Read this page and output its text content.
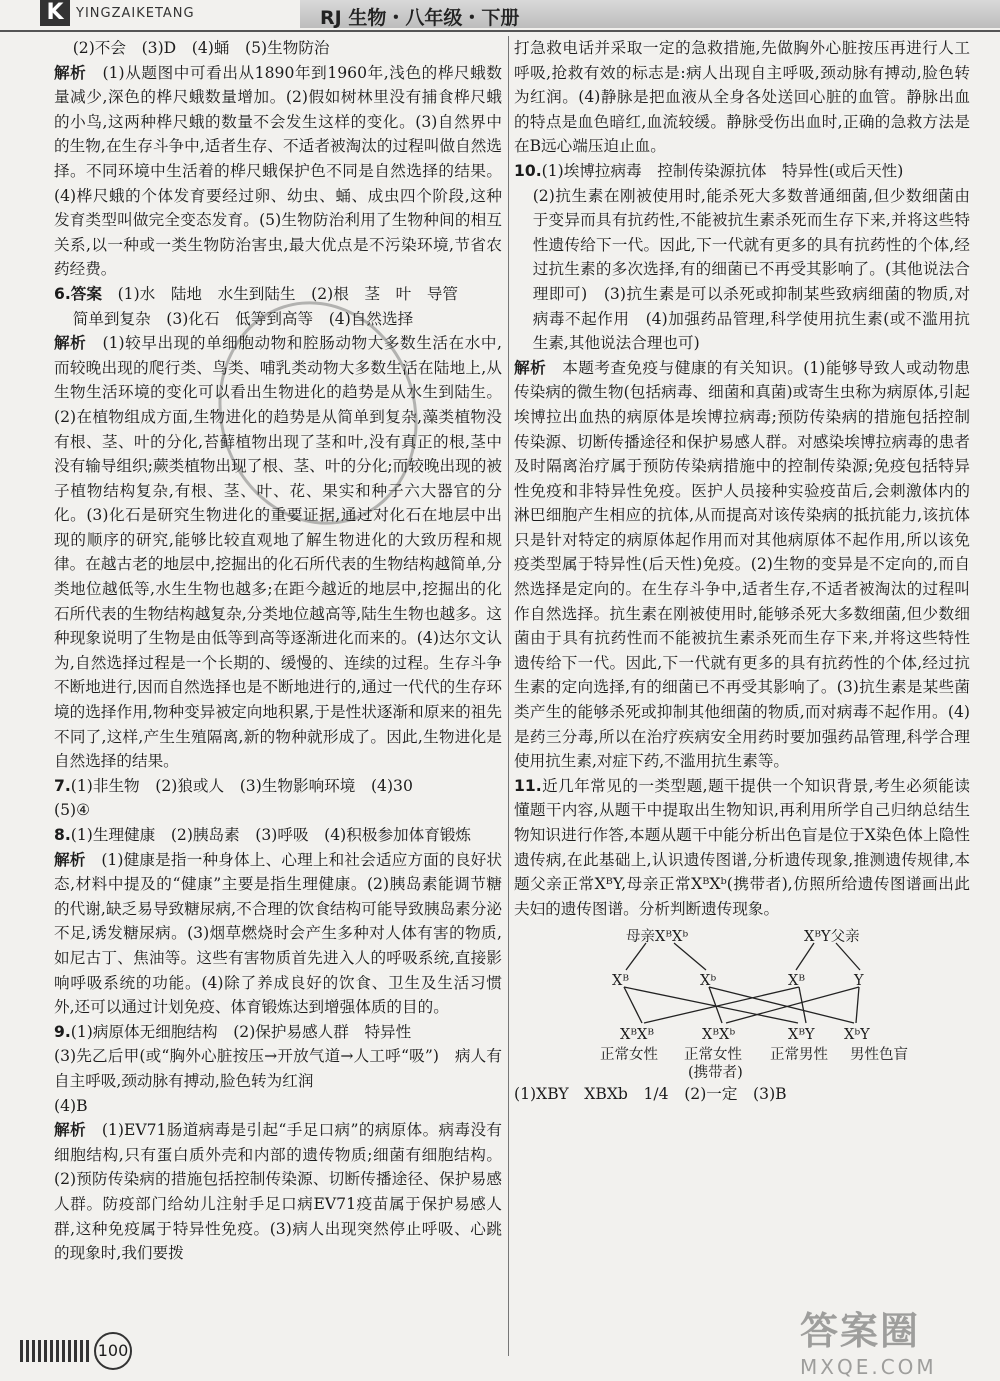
K YINGZAIKETANG	RJ 生物・八年级・下册

(2)不会　(3)D　(4)蛹　(5)生物防治

解析　(1)从题图中可看出从1890年到1960年,浅色的桦尺蛾数量减少,深色的桦尺蛾数量增加。(2)假如树林里没有捕食桦尺蛾的小鸟,这两种桦尺蛾的数量不会发生这样的变化。(3)自然界中的生物,在生存斗争中,适者生存、不适者被淘汰的过程叫做自然选择。不同环境中生活着的桦尺蛾保护色不同是自然选择的结果。(4)桦尺蛾的个体发育要经过卵、幼虫、蛹、成虫四个阶段,这种发育类型叫做完全变态发育。(5)生物防治利用了生物种间的相互关系,以一种或一类生物防治害虫,最大优点是不污染环境,节省农药经费。

6.答案　(1)水　陆地　水生到陆生　(2)根　茎　叶　导管

简单到复杂　(3)化石　低等到高等　(4)自然选择

解析　(1)较早出现的单细胞动物和腔肠动物大多数生活在水中,而较晚出现的爬行类、鸟类、哺乳类动物大多数生活在陆地上,从生物生活环境的变化可以看出生物进化的趋势是从水生到陆生。(2)在植物组成方面,生物进化的趋势是从简单到复杂,藻类植物没有根、茎、叶的分化,苔藓植物出现了茎和叶,没有真正的根,茎中没有输导组织;蕨类植物出现了根、茎、叶的分化;而较晚出现的被子植物结构复杂,有根、茎、叶、花、果实和种子六大器官的分化。(3)化石是研究生物进化的重要证据,通过对化石在地层中出现的顺序的研究,能够比较直观地了解生物进化的大致历程和规律。在越古老的地层中,挖掘出的化石所代表的生物结构越简单,分类地位越低等,水生生物也越多;在距今越近的地层中,挖掘出的化石所代表的生物结构越复杂,分类地位越高等,陆生生物也越多。这种现象说明了生物是由低等到高等逐渐进化而来的。(4)达尔文认为,自然选择过程是一个长期的、缓慢的、连续的过程。生存斗争不断地进行,因而自然选择也是不断地进行的,通过一代代的生存环境的选择作用,物种变异被定向地积累,于是性状逐渐和原来的祖先不同了,这样,产生生殖隔离,新的物种就形成了。因此,生物进化是自然选择的结果。

7.(1)非生物　(2)狼或人　(3)生物影响环境　(4)30

(5)④

8.(1)生理健康　(2)胰岛素　(3)呼吸　(4)积极参加体育锻炼

解析　(1)健康是指一种身体上、心理上和社会适应方面的良好状态,材料中提及的“健康”主要是指生理健康。(2)胰岛素能调节糖的代谢,缺乏易导致糖尿病,不合理的饮食结构可能导致胰岛素分泌不足,诱发糖尿病。(3)烟草燃烧时会产生多种对人体有害的物质,如尼古丁、焦油等。这些有害物质首先进入人的呼吸系统,直接影响呼吸系统的功能。(4)除了养成良好的饮食、卫生及生活习惯外,还可以通过计划免疫、体育锻炼达到增强体质的目的。

9.(1)病原体无细胞结构　(2)保护易感人群　特异性

(3)先乙后甲(或“胸外心脏按压→开放气道→人工呼“吸”)　病人有自主呼吸,颈动脉有搏动,脸色转为红润

(4)B

解析　(1)EV71肠道病毒是引起“手足口病”的病原体。病毒没有细胞结构,只有蛋白质外壳和内部的遗传物质;细菌有细胞结构。(2)预防传染病的措施包括控制传染源、切断传播途径、保护易感人群。防疫部门给幼儿注射手足口病EV71疫苗属于保护易感人群,这种免疫属于特异性免疫。(3)病人出现突然停止呼吸、心跳的现象时,我们要拨

打急救电话并采取一定的急救措施,先做胸外心脏按压再进行人工呼吸,抢救有效的标志是:病人出现自主呼吸,颈动脉有搏动,脸色转为红润。(4)静脉是把血液从全身各处送回心脏的血管。静脉出血的特点是血色暗红,血流较缓。静脉受伤出血时,正确的急救方法是在B远心端压迫止血。

10.(1)埃博拉病毒　控制传染源抗体　特异性(或后天性)

(2)抗生素在刚被使用时,能杀死大多数普通细菌,但少数细菌由于变异而具有抗药性,不能被抗生素杀死而生存下来,并将这些特性遗传给下一代。因此,下一代就有更多的具有抗药性的个体,经过抗生素的多次选择,有的细菌已不再受其影响了。(其他说法合理即可)　(3)抗生素是可以杀死或抑制某些致病细菌的物质,对病毒不起作用　(4)加强药品管理,科学使用抗生素(或不滥用抗生素,其他说法合理也可)

解析　本题考查免疫与健康的有关知识。(1)能够导致人或动物患传染病的微生物(包括病毒、细菌和真菌)或寄生虫称为病原体,引起埃博拉出血热的病原体是埃博拉病毒;预防传染病的措施包括控制传染源、切断传播途径和保护易感人群。对感染埃博拉病毒的患者及时隔离治疗属于预防传染病措施中的控制传染源;免疫包括特异性免疫和非特异性免疫。医护人员接种实验疫苗后,会刺激体内的淋巴细胞产生相应的抗体,从而提高对该传染病的抵抗能力,该抗体只是针对特定的病原体起作用而对其他病原体不起作用,所以该免疫类型属于特异性(后天性)免疫。(2)生物的变异是不定向的,而自然选择是定向的。在生存斗争中,适者生存,不适者被淘汰的过程叫作自然选择。抗生素在刚被使用时,能够杀死大多数细菌,但少数细菌由于具有抗药性而不能被抗生素杀死而生存下来,并将这些特性遗传给下一代。因此,下一代就有更多的具有抗药性的个体,经过抗生素的定向选择,有的细菌已不再受其影响了。(3)抗生素是某些菌类产生的能够杀死或抑制其他细菌的物质,而对病毒不起作用。(4)是药三分毒,所以在治疗疾病安全用药时要加强药品管理,科学合理使用抗生素,对症下药,不滥用抗生素等。

11.近几年常见的一类型题,题干提供一个知识背景,考生必须能读懂题干内容,从题干中提取出生物知识,再利用所学自己归纳总结生物知识进行作答,本题从题干中能分析出色盲是位于X染色体上隐性遗传病,在此基础上,认识遗传图谱,分析遗传现象,推测遗传规律,本题父亲正常XᴮY,母亲正常XᴮXᵇ(携带者),仿照所给遗传图谱画出此夫妇的遗传图谱。分析判断遗传现象。

母亲XᴮXᵇ	XᴮY父亲
Xᴮ	Xᵇ	Xᴮ	Y
XᴮXᴮ	XᴮXᵇ	XᴮY XᵇY
正常女性 正常女性
(携带者)
正常男性 男性色盲

(1)XBY　XBXb　1/4　(2)一定　(3)B

100	答案圈
MXQE.COM
